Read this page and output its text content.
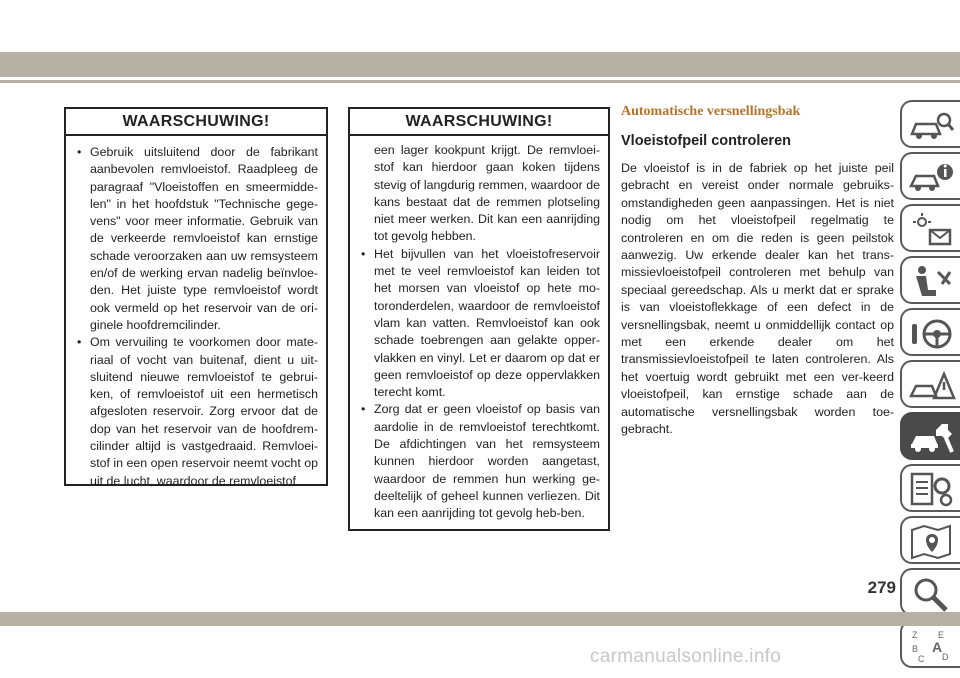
WAARSCHUWING!
• Gebruik uitsluitend door de fabrikant aanbevolen remvloeistof. Raadpleeg de paragraaf "Vloeistoffen en smeermidde-len" in het hoofdstuk "Technische gege-vens" voor meer informatie. Gebruik van de verkeerde remvloeistof kan ernstige schade veroorzaken aan uw remsysteem en/of de werking ervan nadelig beïnvloe-den. Het juiste type remvloeistof wordt ook vermeld op het reservoir van de ori-ginele hoofdremcilinder.
• Om vervuiling te voorkomen door mate-riaal of vocht van buitenaf, dient u uit-sluitend nieuwe remvloeistof te gebrui-ken, of remvloeistof uit een hermetisch afgesloten reservoir. Zorg ervoor dat de dop van het reservoir van de hoofdrem-cilinder altijd is vastgedraaid. Remvloei-stof in een open reservoir neemt vocht op uit de lucht, waardoor de remvloeistof
WAARSCHUWING!
een lager kookpunt krijgt. De remvloei-stof kan hierdoor gaan koken tijdens stevig of langdurig remmen, waardoor de kans bestaat dat de remmen plotseling niet meer werken. Dit kan een aanrijding tot gevolg hebben.
• Het bijvullen van het vloeistofreservoir met te veel remvloeistof kan leiden tot het morsen van vloeistof op hete mo-toronderdelen, waardoor de remvloeistof vlam kan vatten. Remvloeistof kan ook schade toebrengen aan gelakte opper-vlakken en vinyl. Let er daarom op dat er geen remvloeistof op deze oppervlakken terecht komt.
• Zorg dat er geen vloeistof op basis van aardolie in de remvloeistof terechtkomt. De afdichtingen van het remsysteem kunnen hierdoor worden aangetast, waardoor de remmen hun werking ge-deeltelijk of geheel kunnen verliezen. Dit kan een aanrijding tot gevolg heb-ben.
Automatische versnellingsbak
Vloeistofpeil controleren
De vloeistof is in de fabriek op het juiste peil gebracht en vereist onder normale gebruiks-omstandigheden geen aanpassingen. Het is niet nodig om het vloeistofpeil regelmatig te controleren en om die reden is geen peilstok aanwezig. Uw erkende dealer kan het trans-missievloeistofpeil controleren met behulp van speciaal gereedschap. Als u merkt dat er sprake is van vloeistoflekkage of een defect in de versnellingsbak, neemt u onmiddellijk contact op met een erkende dealer om het transmissievloeistofpeil te laten controleren. Als het voertuig wordt gebruikt met een ver-keerd vloeistofpeil, kan ernstige schade aan de automatische versnellingsbak worden toe-gebracht.
Z E
B A
C D
279
carmanualsonline.info
